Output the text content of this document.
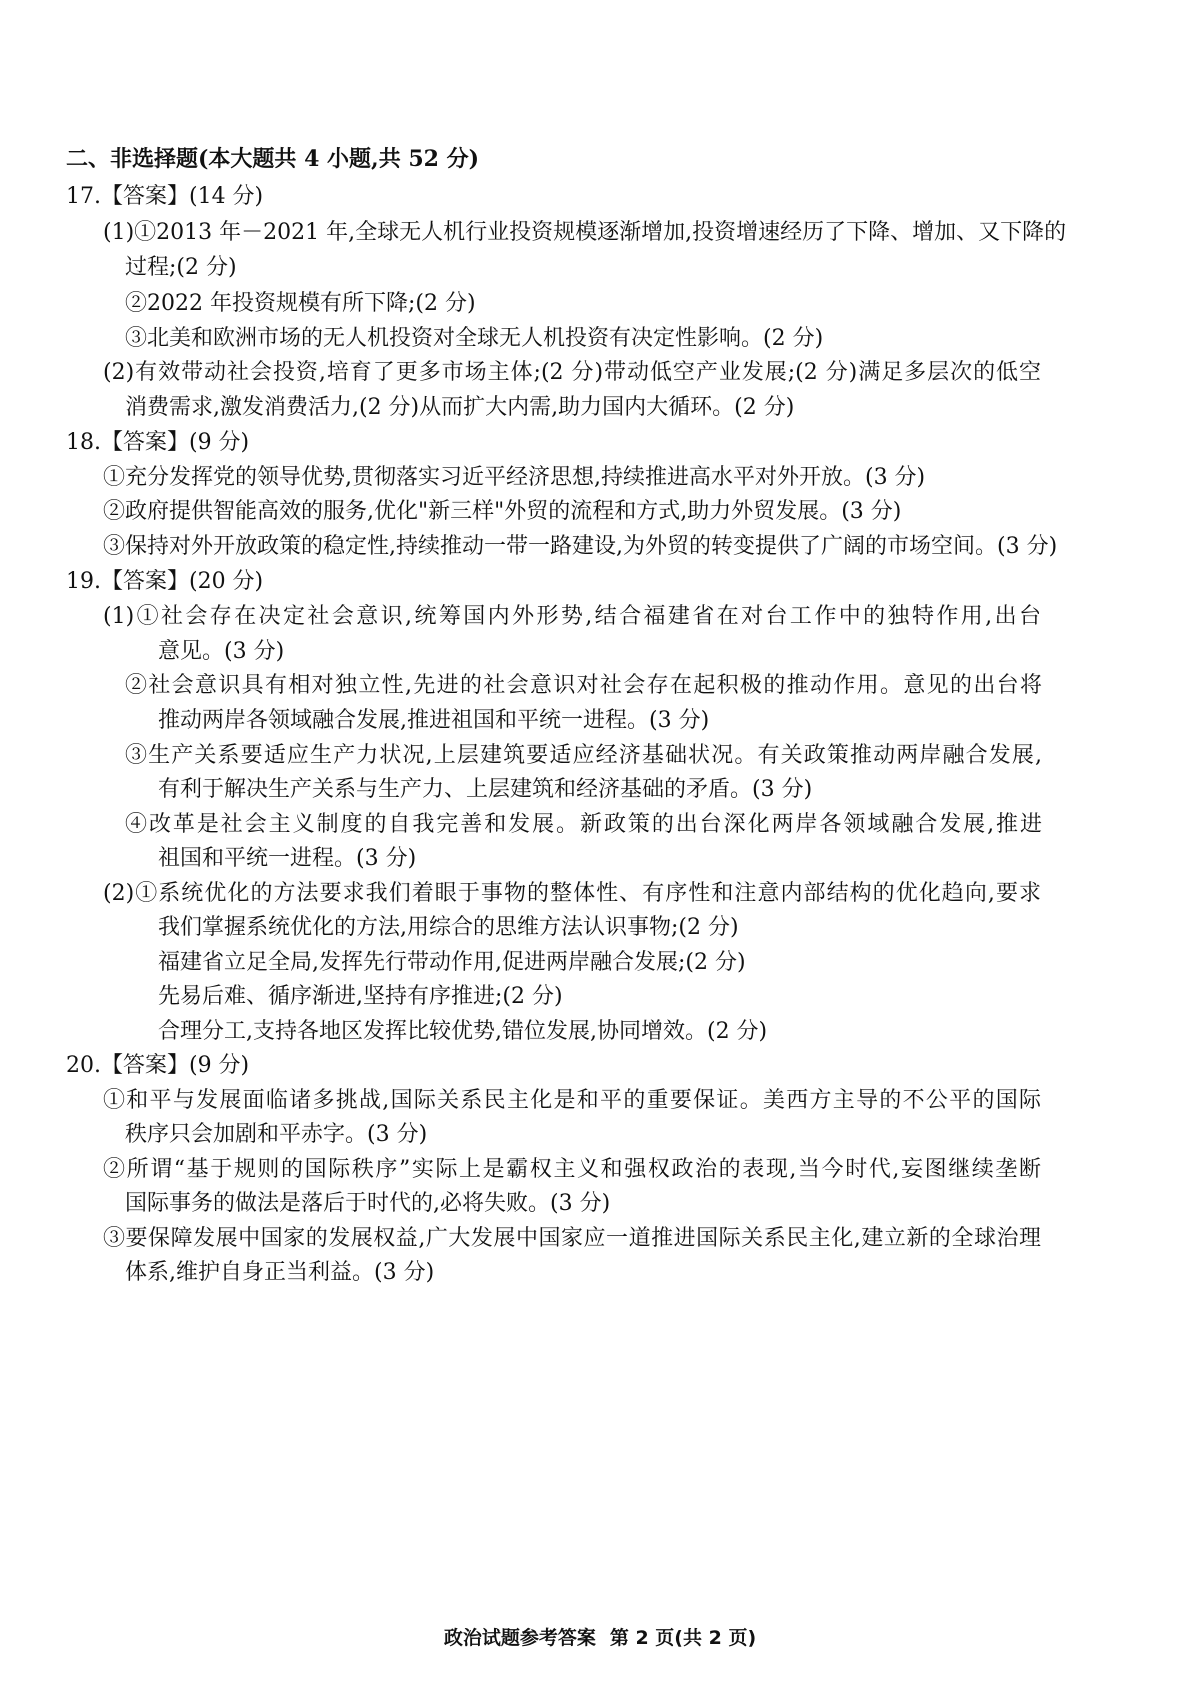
二、非选择题(本大题共 4 小题,共 52 分)

17.【答案】(14 分)

(1)①2013 年－2021 年,全球无人机行业投资规模逐渐增加,投资增速经历了下降、增加、又下降的

过程;(2 分)

②2022 年投资规模有所下降;(2 分)

③北美和欧洲市场的无人机投资对全球无人机投资有决定性影响。(2 分)

(2)有效带动社会投资,培育了更多市场主体;(2 分)带动低空产业发展;(2 分)满足多层次的低空

消费需求,激发消费活力,(2 分)从而扩大内需,助力国内大循环。(2 分)

18.【答案】(9 分)

①充分发挥党的领导优势,贯彻落实习近平经济思想,持续推进高水平对外开放。(3 分)

②政府提供智能高效的服务,优化"新三样"外贸的流程和方式,助力外贸发展。(3 分)

③保持对外开放政策的稳定性,持续推动一带一路建设,为外贸的转变提供了广阔的市场空间。(3 分)

19.【答案】(20 分)

(1)①社会存在决定社会意识,统筹国内外形势,结合福建省在对台工作中的独特作用,出台

意见。(3 分)

②社会意识具有相对独立性,先进的社会意识对社会存在起积极的推动作用。意见的出台将

推动两岸各领域融合发展,推进祖国和平统一进程。(3 分)

③生产关系要适应生产力状况,上层建筑要适应经济基础状况。有关政策推动两岸融合发展,

有利于解决生产关系与生产力、上层建筑和经济基础的矛盾。(3 分)

④改革是社会主义制度的自我完善和发展。新政策的出台深化两岸各领域融合发展,推进

祖国和平统一进程。(3 分)

(2)①系统优化的方法要求我们着眼于事物的整体性、有序性和注意内部结构的优化趋向,要求

我们掌握系统优化的方法,用综合的思维方法认识事物;(2 分)

福建省立足全局,发挥先行带动作用,促进两岸融合发展;(2 分)

先易后难、循序渐进,坚持有序推进;(2 分)

合理分工,支持各地区发挥比较优势,错位发展,协同增效。(2 分)

20.【答案】(9 分)

①和平与发展面临诸多挑战,国际关系民主化是和平的重要保证。美西方主导的不公平的国际

秩序只会加剧和平赤字。(3 分)

②所谓“基于规则的国际秩序”实际上是霸权主义和强权政治的表现,当今时代,妄图继续垄断

国际事务的做法是落后于时代的,必将失败。(3 分)

③要保障发展中国家的发展权益,广大发展中国家应一道推进国际关系民主化,建立新的全球治理

体系,维护自身正当利益。(3 分)

政治试题参考答案 第 2 页(共 2 页)
